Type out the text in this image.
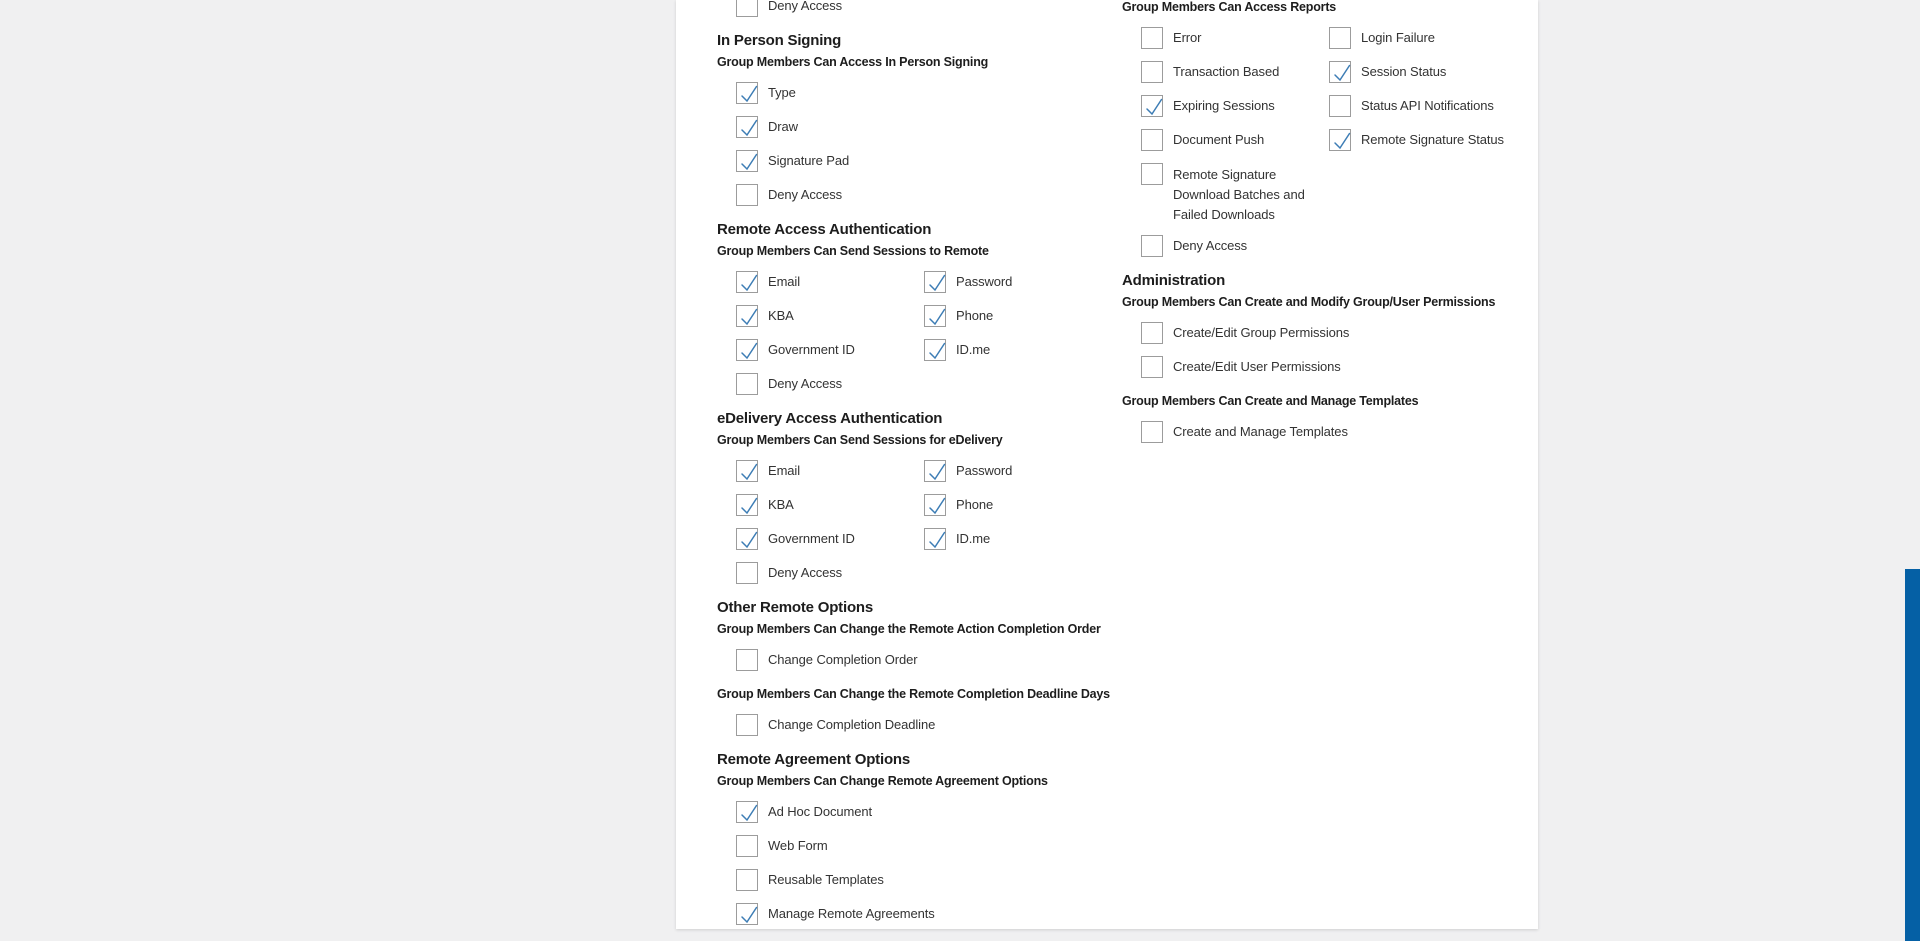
Deny Access
In Person Signing
Group Members Can Access In Person Signing
Type
Draw
Signature Pad
Deny Access
Remote Access Authentication
Group Members Can Send Sessions to Remote
Email	Password
KBA	Phone
Government ID	ID.me
Deny Access
eDelivery Access Authentication
Group Members Can Send Sessions for eDelivery
Email	Password
KBA	Phone
Government ID	ID.me
Deny Access
Other Remote Options
Group Members Can Change the Remote Action Completion Order
Change Completion Order
Group Members Can Change the Remote Completion Deadline Days
Change Completion Deadline
Remote Agreement Options
Group Members Can Change Remote Agreement Options
Ad Hoc Document
Web Form
Reusable Templates
Manage Remote Agreements
Group Members Can Access Reports
Error	Login Failure
Transaction Based	Session Status
Expiring Sessions	Status API Notifications
Document Push	Remote Signature Status
Remote Signature Download Batches and Failed Downloads
Deny Access
Administration
Group Members Can Create and Modify Group/User Permissions
Create/Edit Group Permissions
Create/Edit User Permissions
Group Members Can Create and Manage Templates
Create and Manage Templates
